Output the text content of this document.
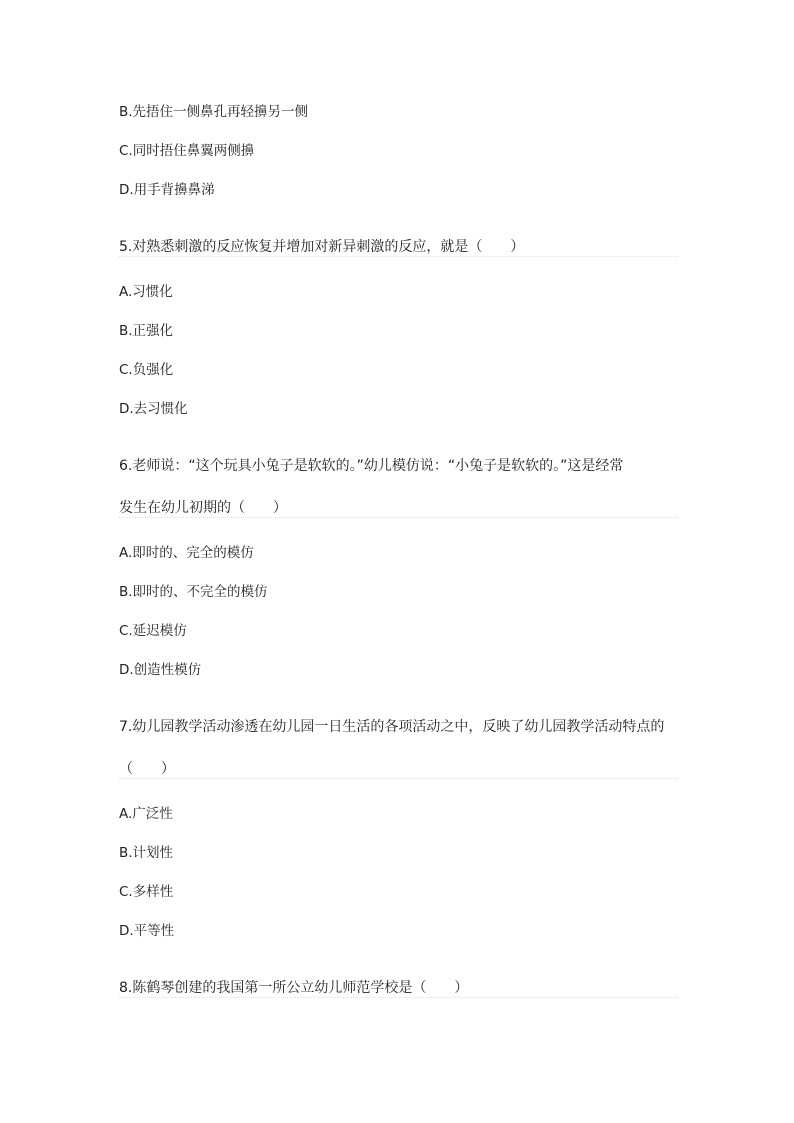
B.先捂住一侧鼻孔再轻擤另一侧
C.同时捂住鼻翼两侧擤
D.用手背擤鼻涕
5.对熟悉刺激的反应恢复并增加对新异刺激的反应，就是（　　）
A.习惯化
B.正强化
C.负强化
D.去习惯化
6.老师说：“这个玩具小兔子是软软的。”幼儿模仿说：“小兔子是软软的。”这是经常
发生在幼儿初期的（　　）
A.即时的、完全的模仿
B.即时的、不完全的模仿
C.延迟模仿
D.创造性模仿
7.幼儿园教学活动渗透在幼儿园一日生活的各项活动之中，反映了幼儿园教学活动特点的
（　　）
A.广泛性
B.计划性
C.多样性
D.平等性
8.陈鹤琴创建的我国第一所公立幼儿师范学校是（　　）
